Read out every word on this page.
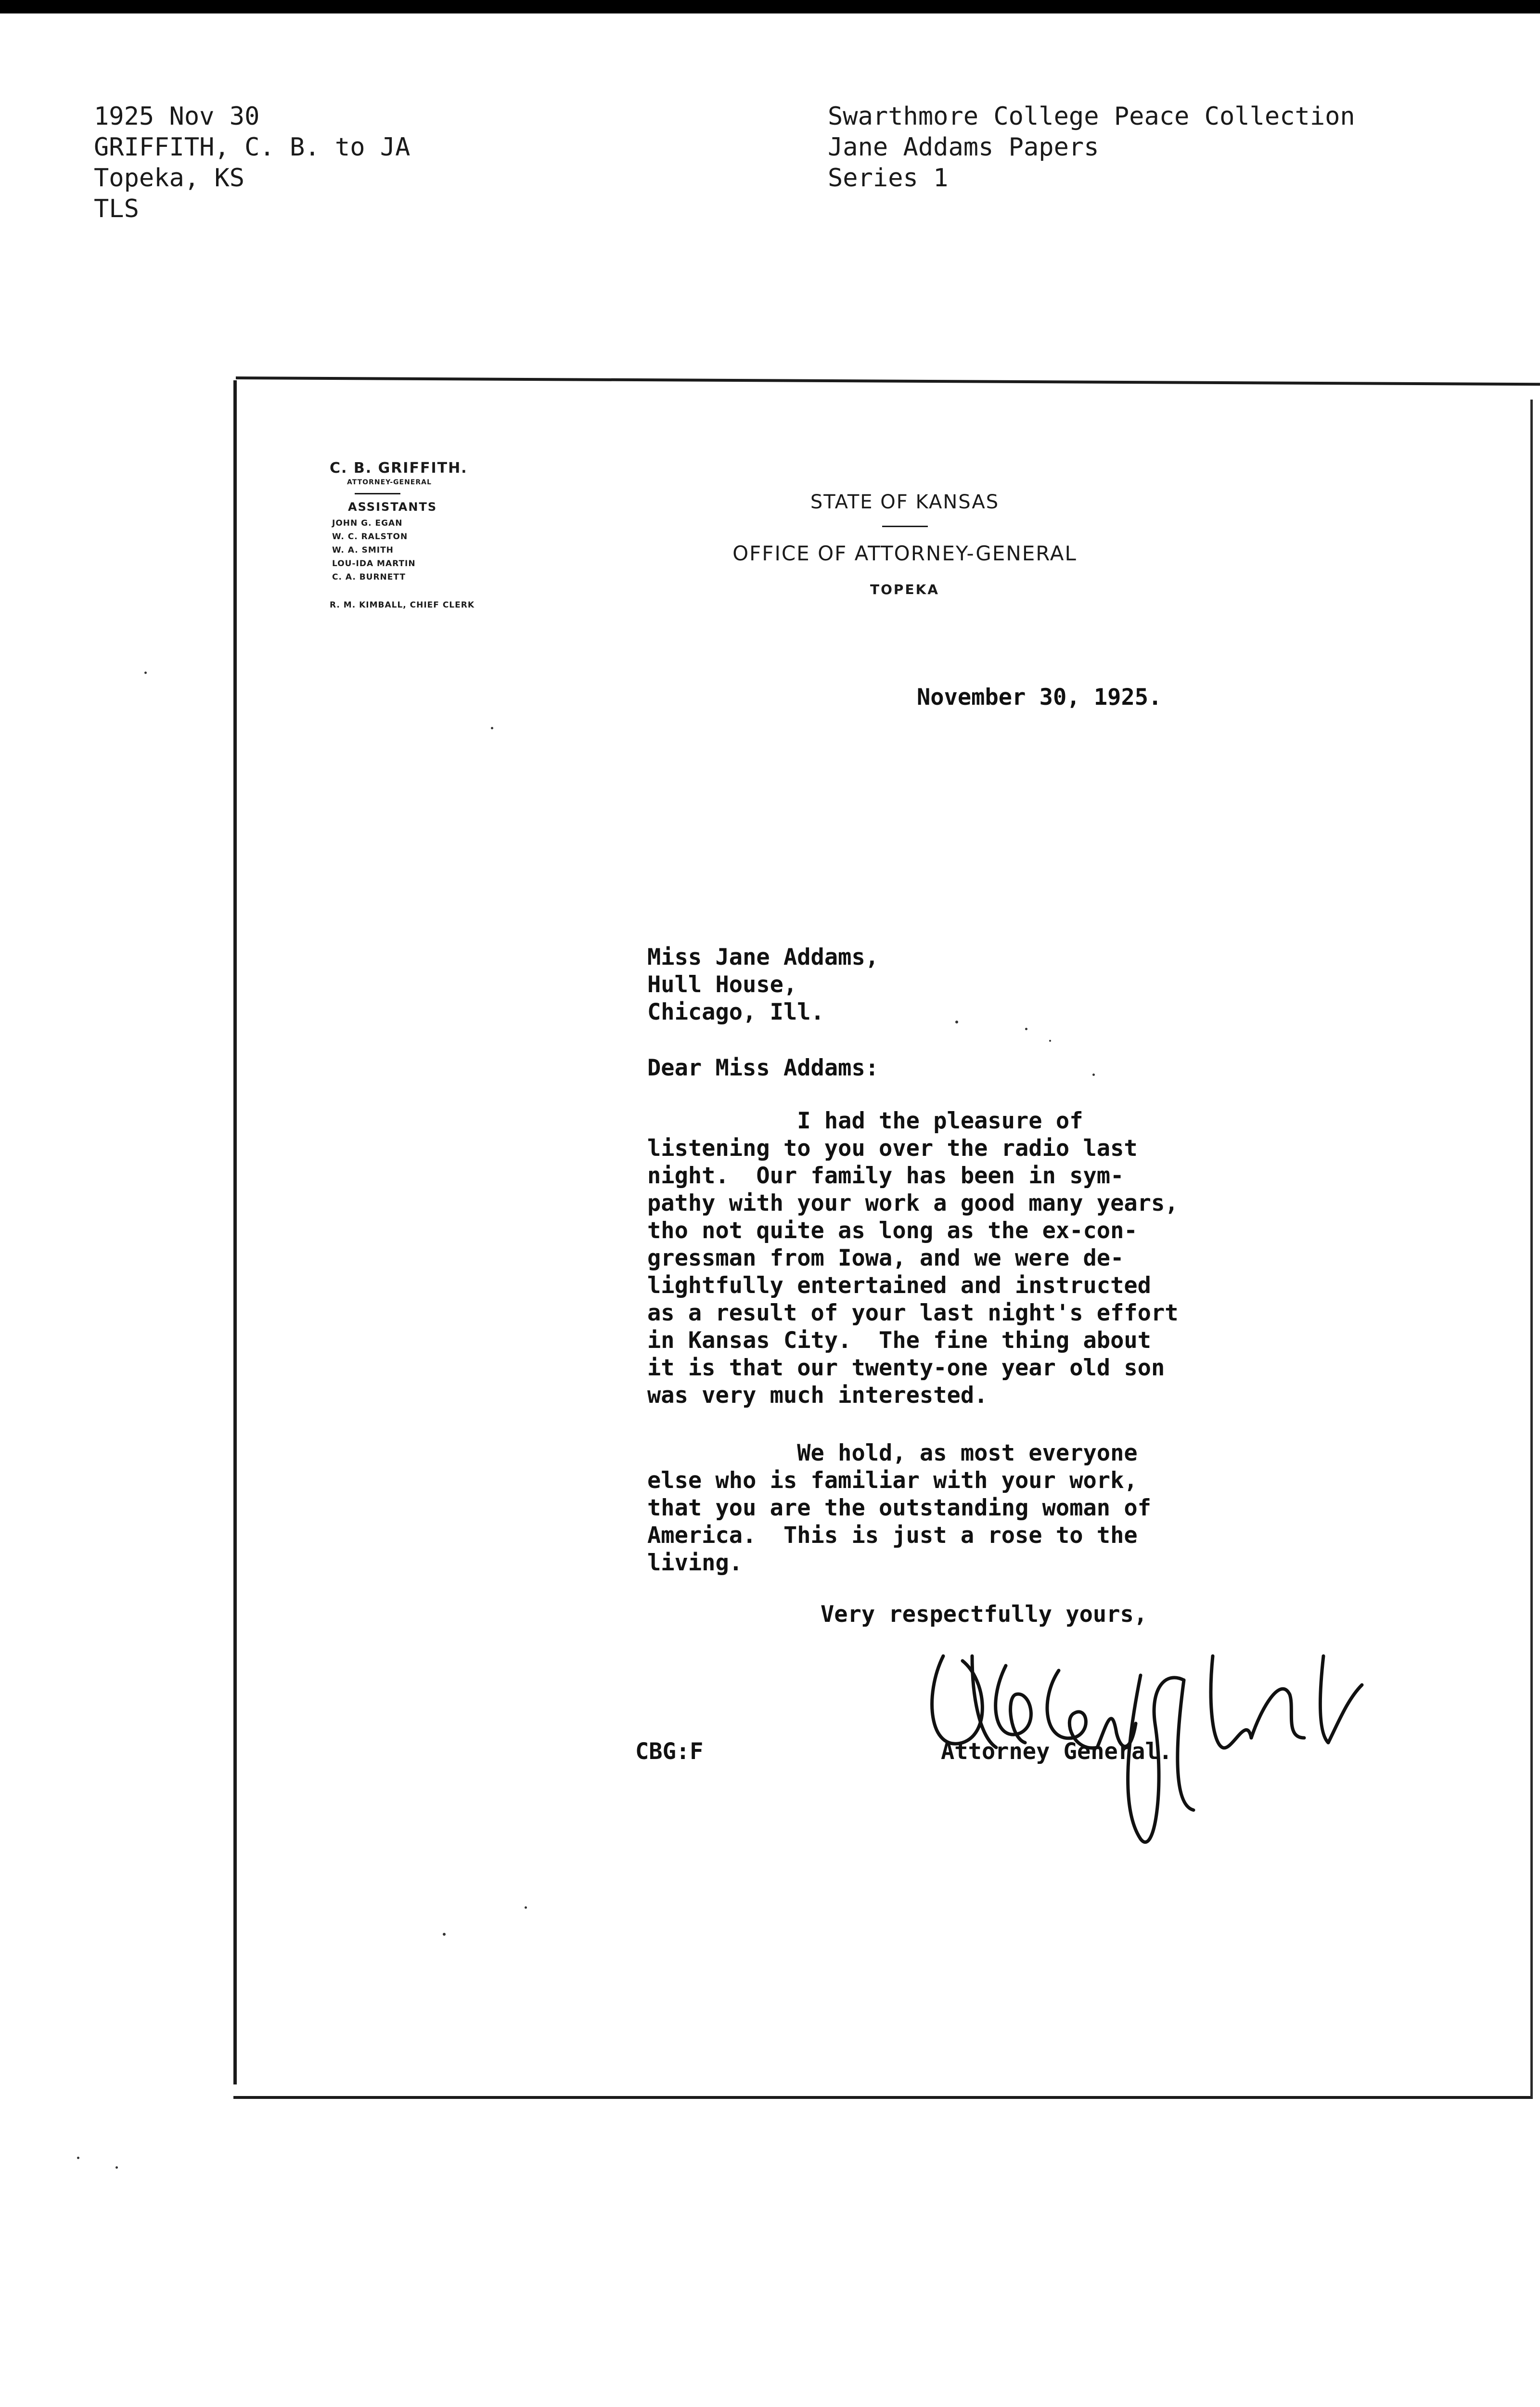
1925 Nov 30
GRIFFITH, C. B. to JA
Topeka, KS
TLS
Swarthmore College Peace Collection
Jane Addams Papers
Series 1
C. B. GRIFFITH.
ATTORNEY-GENERAL
ASSISTANTS
JOHN G. EGAN
W. C. RALSTON
W. A. SMITH
LOU-IDA MARTIN
C. A. BURNETT
R. M. KIMBALL, CHIEF CLERK
STATE OF KANSAS
OFFICE OF ATTORNEY-GENERAL
TOPEKA
November 30, 1925.
Miss Jane Addams,
Hull House,
Chicago, Ill.
Dear Miss Addams:
I had the pleasure of
listening to you over the radio last
night.  Our family has been in sym-
pathy with your work a good many years,
tho not quite as long as the ex-con-
gressman from Iowa, and we were de-
lightfully entertained and instructed
as a result of your last night's effort
in Kansas City.  The fine thing about
it is that our twenty-one year old son
was very much interested.
We hold, as most everyone
else who is familiar with your work,
that you are the outstanding woman of
America.  This is just a rose to the
living.
Very respectfully yours,
CBG:F	Attorney General.
